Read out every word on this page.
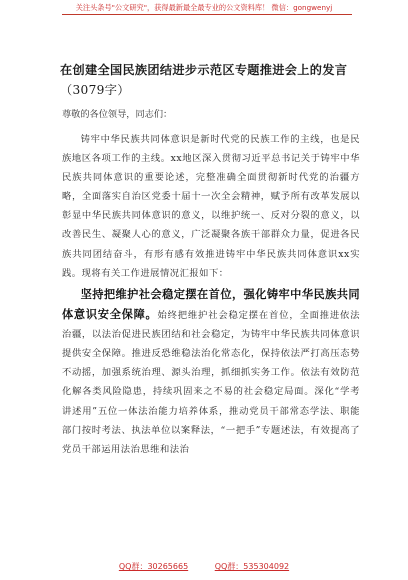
关注头条号"公文研究"，获得最新最全最专业的公文资料库！ 微信：gongwenyj
在创建全国民族团结进步示范区专题推进会上的发言
（3079字）
尊敬的各位领导，同志们：
铸牢中华民族共同体意识是新时代党的民族工作的主线，也是民族地区各项工作的主线。xx地区深入贯彻习近平总书记关于铸牢中华民族共同体意识的重要论述，完整准确全面贯彻新时代党的治疆方略，全面落实自治区党委十届十一次全会精神，赋予所有改革发展以彰显中华民族共同体意识的意义，以维护统一、反对分裂的意义，以改善民生、凝聚人心的意义，广泛凝聚各族干部群众力量，促进各民族共同团结奋斗，有形有感有效推进铸牢中华民族共同体意识xx实践。现将有关工作进展情况汇报如下：
坚持把维护社会稳定摆在首位，强化铸牢中华民族共同体意识安全保障。始终把维护社会稳定摆在首位，全面推进依法治疆，以法治促进民族团结和社会稳定，为铸牢中华民族共同体意识提供安全保障。推进反恐维稳法治化常态化，保持依法严打高压态势不动摇，加强系统治理、源头治理，抓细抓实务工作。依法有效防范化解各类风险隐患，持续巩固来之不易的社会稳定局面。深化“学考讲述用”五位一体法治能力培养体系，推动党员干部常态学法、职能部门按时考法、执法单位以案释法，“一把手”专题述法，有效提高了党员干部运用法治思维和法治
QQ群：30265665	QQ群：535304092
